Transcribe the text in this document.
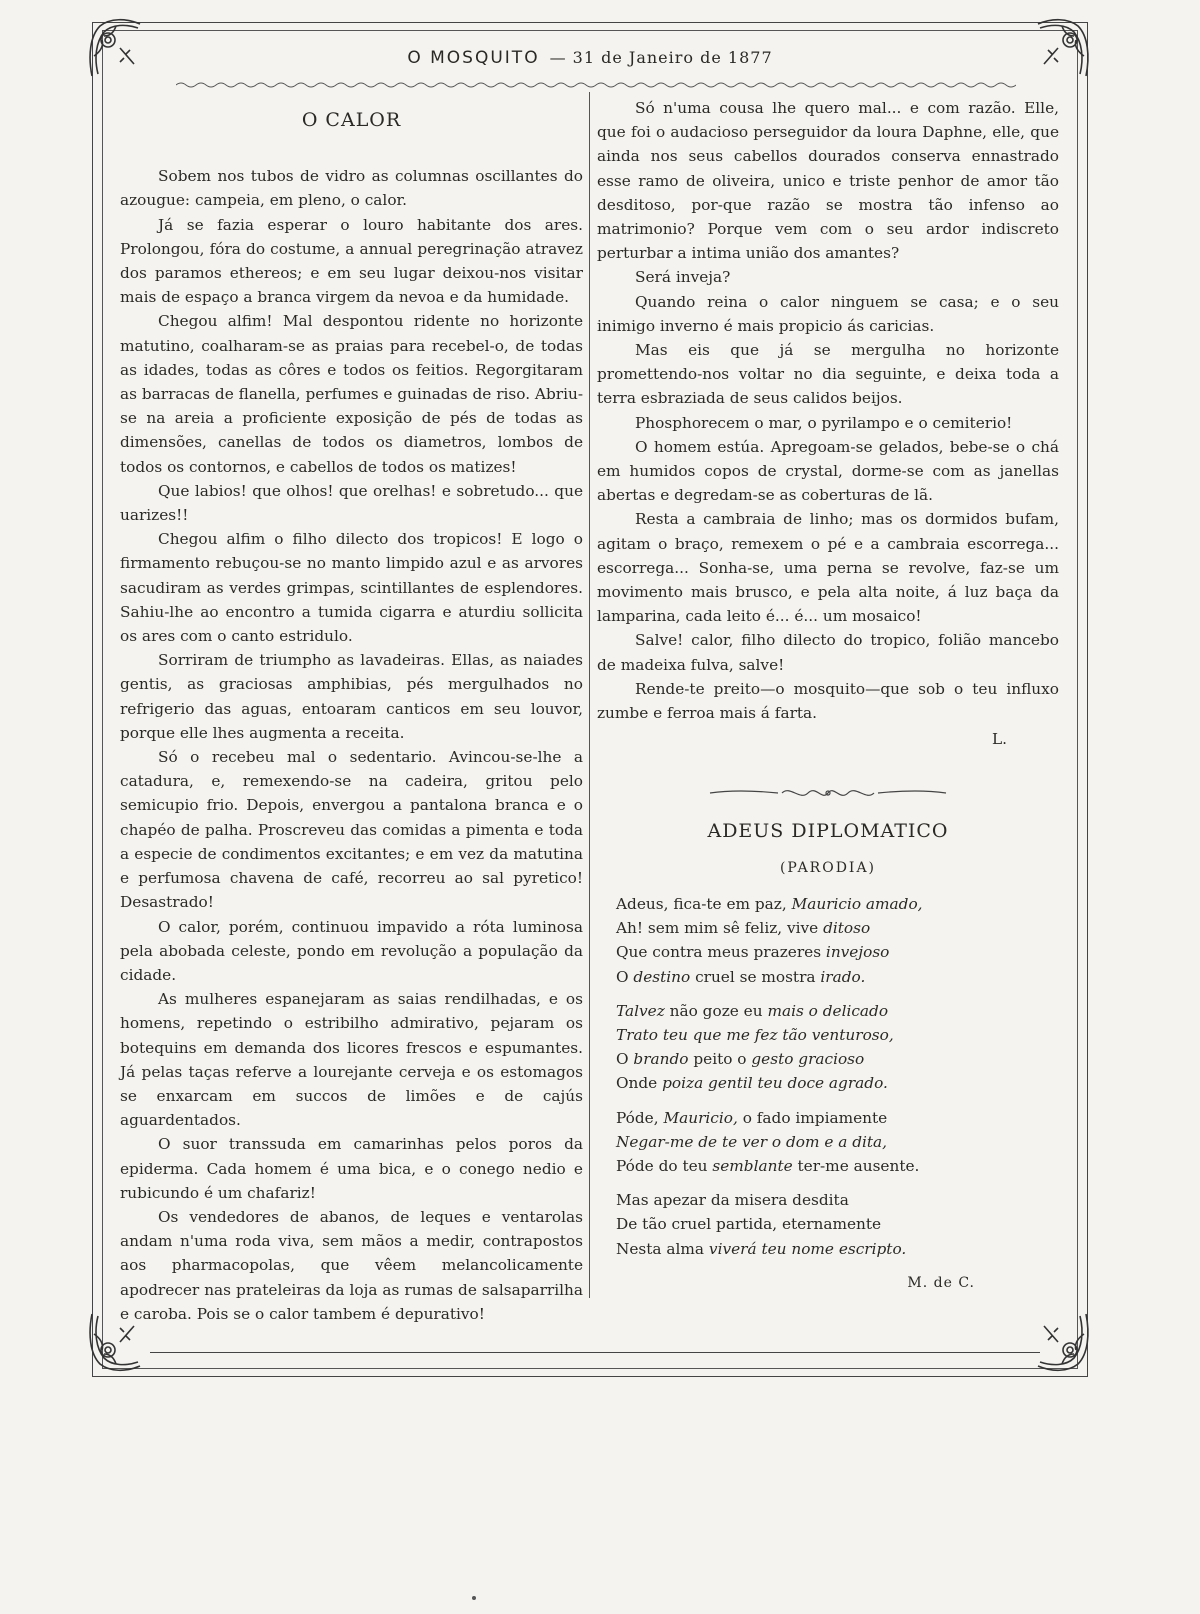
O MOSQUITO — 31 de Janeiro de 1877
O CALOR

Sobem nos tubos de vidro as columnas oscillantes do azougue: campeia, em pleno, o calor.

Já se fazia esperar o louro habitante dos ares. Prolongou, fóra do costume, a annual peregrinação atravez dos paramos ethereos; e em seu lugar deixou-nos visitar mais de espaço a branca virgem da nevoa e da humidade.

Chegou alfim! Mal despontou ridente no horizonte matutino, coalharam-se as praias para recebel-o, de todas as idades, todas as côres e todos os feitios. Regorgitaram as barracas de flanella, perfumes e guinadas de riso. Abriu-se na areia a proficiente exposição de pés de todas as dimensões, canellas de todos os diametros, lombos de todos os contornos, e cabellos de todos os matizes!

Que labios! que olhos! que orelhas! e sobretudo... que uarizes!!

Chegou alfim o filho dilecto dos tropicos! E logo o firmamento rebuçou-se no manto limpido azul e as arvores sacudiram as verdes grimpas, scintillantes de esplendores. Sahiu-lhe ao encontro a tumida cigarra e aturdiu sollicita os ares com o canto estridulo.

Sorriram de triumpho as lavadeiras. Ellas, as naiades gentis, as graciosas amphibias, pés mergulhados no refrigerio das aguas, entoaram canticos em seu louvor, porque elle lhes augmenta a receita.

Só o recebeu mal o sedentario. Avincou-se-lhe a catadura, e, remexendo-se na cadeira, gritou pelo semicupio frio. Depois, envergou a pantalona branca e o chapéo de palha. Proscreveu das comidas a pimenta e toda a especie de condimentos excitantes; e em vez da matutina e perfumosa chavena de café, recorreu ao sal pyretico! Desastrado!

O calor, porém, continuou impavido a róta luminosa pela abobada celeste, pondo em revolução a população da cidade.

As mulheres espanejaram as saias rendilhadas, e os homens, repetindo o estribilho admirativo, pejaram os botequins em demanda dos licores frescos e espumantes. Já pelas taças referve a lourejante cerveja e os estomagos se enxarcam em succos de limões e de cajús aguardentados.

O suor transsuda em camarinhas pelos poros da epiderma. Cada homem é uma bica, e o conego nedio e rubicundo é um chafariz!

Os vendedores de abanos, de leques e ventarolas andam n'uma roda viva, sem mãos a medir, contrapostos aos pharmacopolas, que vêem melancolicamente apodrecer nas prateleiras da loja as rumas de salsaparrilha e caroba. Pois se o calor tambem é depurativo!

Só n'uma cousa lhe quero mal... e com razão. Elle, que foi o audacioso perseguidor da loura Daphne, elle, que ainda nos seus cabellos dourados conserva ennastrado esse ramo de oliveira, unico e triste penhor de amor tão desditoso, por-que razão se mostra tão infenso ao matrimonio? Porque vem com o seu ardor indiscreto perturbar a intima união dos amantes?

Será inveja?

Quando reina o calor ninguem se casa; e o seu inimigo inverno é mais propicio ás caricias.

Mas eis que já se mergulha no horizonte promettendo-nos voltar no dia seguinte, e deixa toda a terra esbraziada de seus calidos beijos.

Phosphorecem o mar, o pyrilampo e o cemiterio!

O homem estúa. Apregoam-se gelados, bebe-se o chá em humidos copos de crystal, dorme-se com as janellas abertas e degredam-se as coberturas de lã.

Resta a cambraia de linho; mas os dormidos bufam, agitam o braço, remexem o pé e a cambraia escorrega... escorrega... Sonha-se, uma perna se revolve, faz-se um movimento mais brusco, e pela alta noite, á luz baça da lamparina, cada leito é... é... um mosaico!

Salve! calor, filho dilecto do tropico, folião mancebo de madeixa fulva, salve!

Rende-te preito—o mosquito—que sob o teu influxo zumbe e ferroa mais á farta.

L.
ADEUS DIPLOMATICO
(PARODIA)
Adeus, fica-te em paz, Mauricio amado,
Ah! sem mim sê feliz, vive ditoso
Que contra meus prazeres invejoso
O destino cruel se mostra irado.
Talvez não goze eu mais o delicado
Trato teu que me fez tão venturoso,
O brando peito o gesto gracioso
Onde poiza gentil teu doce agrado.
Póde, Mauricio, o fado impiamente
Negar-me de te ver o dom e a dita,
Póde do teu semblante ter-me ausente.
Mas apezar da misera desdita
De tão cruel partida, eternamente
Nesta alma viverá teu nome escripto.
M. de C.
